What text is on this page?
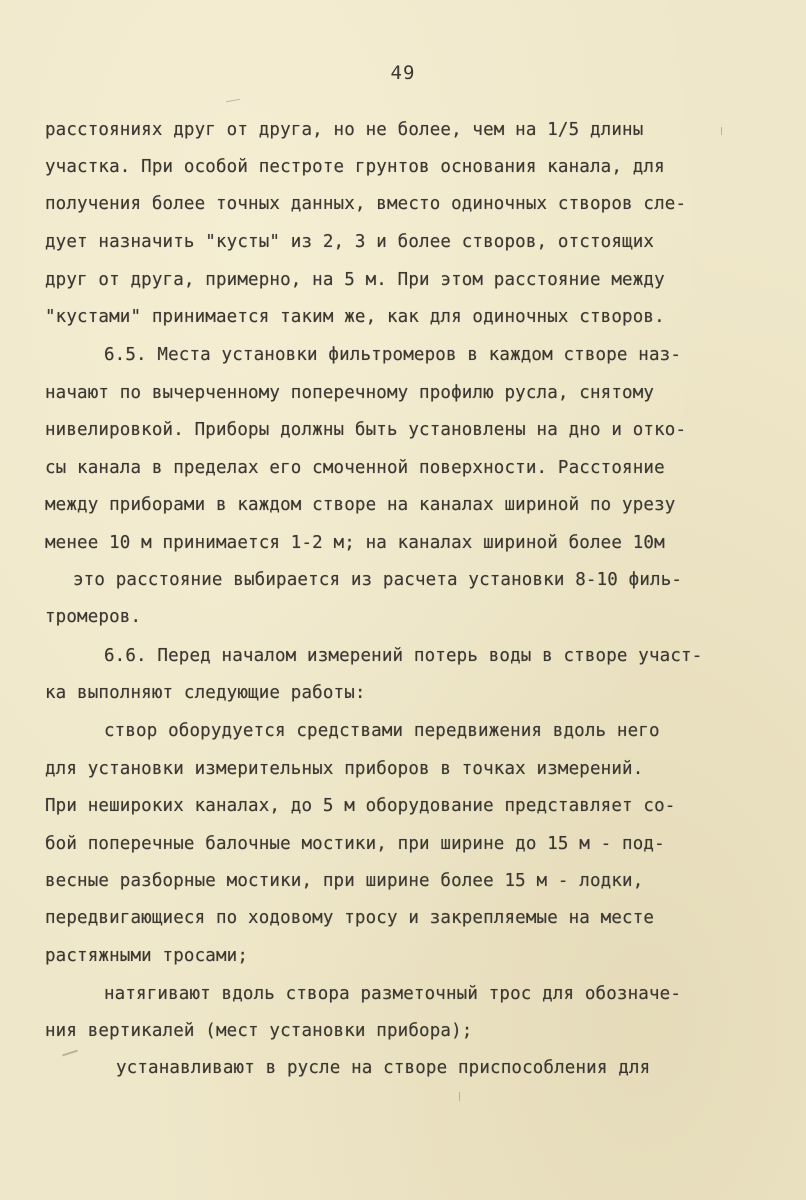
49
расстояниях друг от друга, но не более, чем на 1/5 длины
участка. При особой пестроте грунтов основания канала, для
получения более точных данных, вместо одиночных створов сле-
дует назначить "кусты" из 2, 3 и более створов, отстоящих
друг от друга, примерно, на 5 м. При этом расстояние между
"кустами" принимается таким же, как для одиночных створов.
6.5. Места установки фильтромеров в каждом створе наз-
начают по вычерченному поперечному профилю русла, снятому
нивелировкой. Приборы должны быть установлены на дно и отко-
сы канала в пределах его смоченной поверхности. Расстояние
между приборами в каждом створе на каналах шириной по урезу
менее 10 м принимается 1-2 м; на каналах шириной более 10м
это расстояние выбирается из расчета установки 8-10 филь-
тромеров.
6.6. Перед началом измерений потерь воды в створе участ-
ка выполняют следующие работы:
створ оборудуется средствами передвижения вдоль него
для установки измерительных приборов в точках измерений.
При неширокиx каналах, до 5 м оборудование представляет со-
бой поперечные балочные мостики, при ширине до 15 м - под-
весные разборные мостики, при ширине более 15 м - лодки,
передвигающиеся по ходовому тросу и закрепляемые на месте
растяжными тросами;
натягивают вдоль створа разметочный трос для обозначе-
ния вертикалей (мест установки прибора);
устанавливают в русле на створе приспособления для
